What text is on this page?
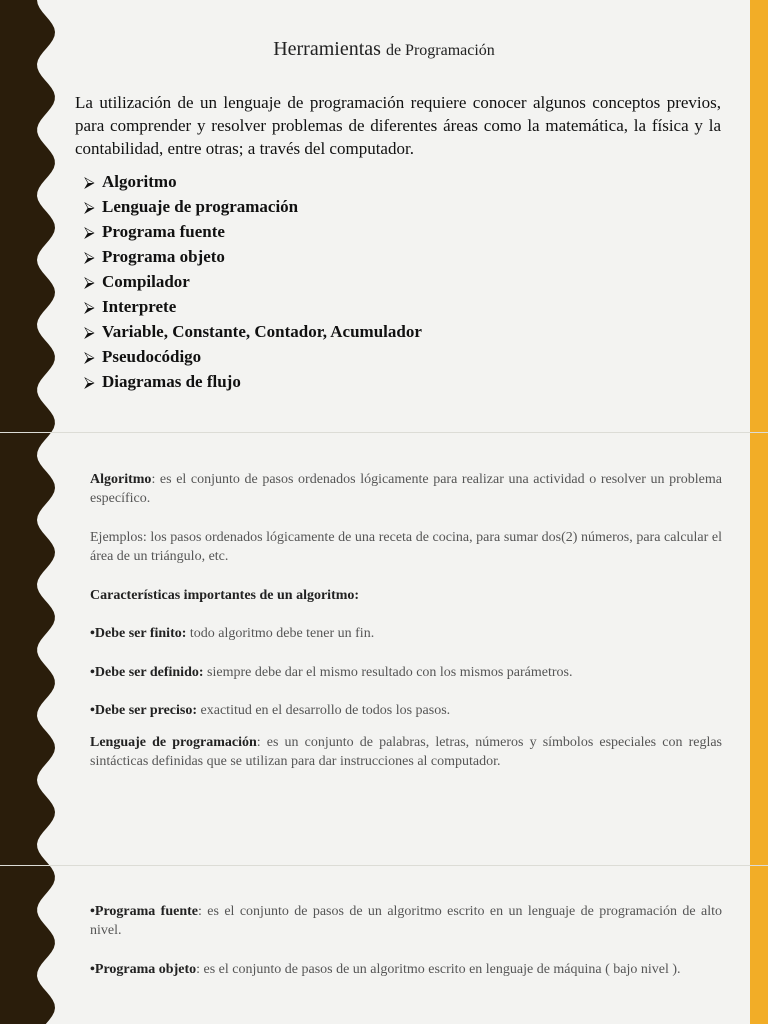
Herramientas de Programación

La utilización de un lenguaje de programación requiere conocer algunos conceptos previos, para comprender y resolver problemas de diferentes áreas como la matemática, la física y la contabilidad, entre otras; a través del computador.

⮚ Algoritmo
⮚ Lenguaje de programación
⮚ Programa fuente
⮚ Programa objeto
⮚ Compilador
⮚ Interprete
⮚ Variable, Constante, Contador, Acumulador
⮚ Pseudocódigo
⮚ Diagramas de flujo

Algoritmo: es el conjunto de pasos ordenados lógicamente para realizar una actividad o resolver un problema específico.

Ejemplos: los pasos ordenados lógicamente de una receta de cocina, para sumar dos(2) números, para calcular el área de un triángulo, etc.

Características importantes de un algoritmo:

•Debe ser finito: todo algoritmo debe tener un fin.

•Debe ser definido: siempre debe dar el mismo resultado con los mismos parámetros.

•Debe ser preciso: exactitud en el desarrollo de todos los pasos.

Lenguaje de programación: es un conjunto de palabras, letras, números y símbolos especiales con reglas sintácticas definidas que se utilizan para dar instrucciones al computador.

•Programa fuente: es el conjunto de pasos de un algoritmo escrito en un lenguaje de programación de alto nivel.

•Programa objeto: es el conjunto de pasos de un algoritmo escrito en lenguaje de máquina ( bajo nivel ).
